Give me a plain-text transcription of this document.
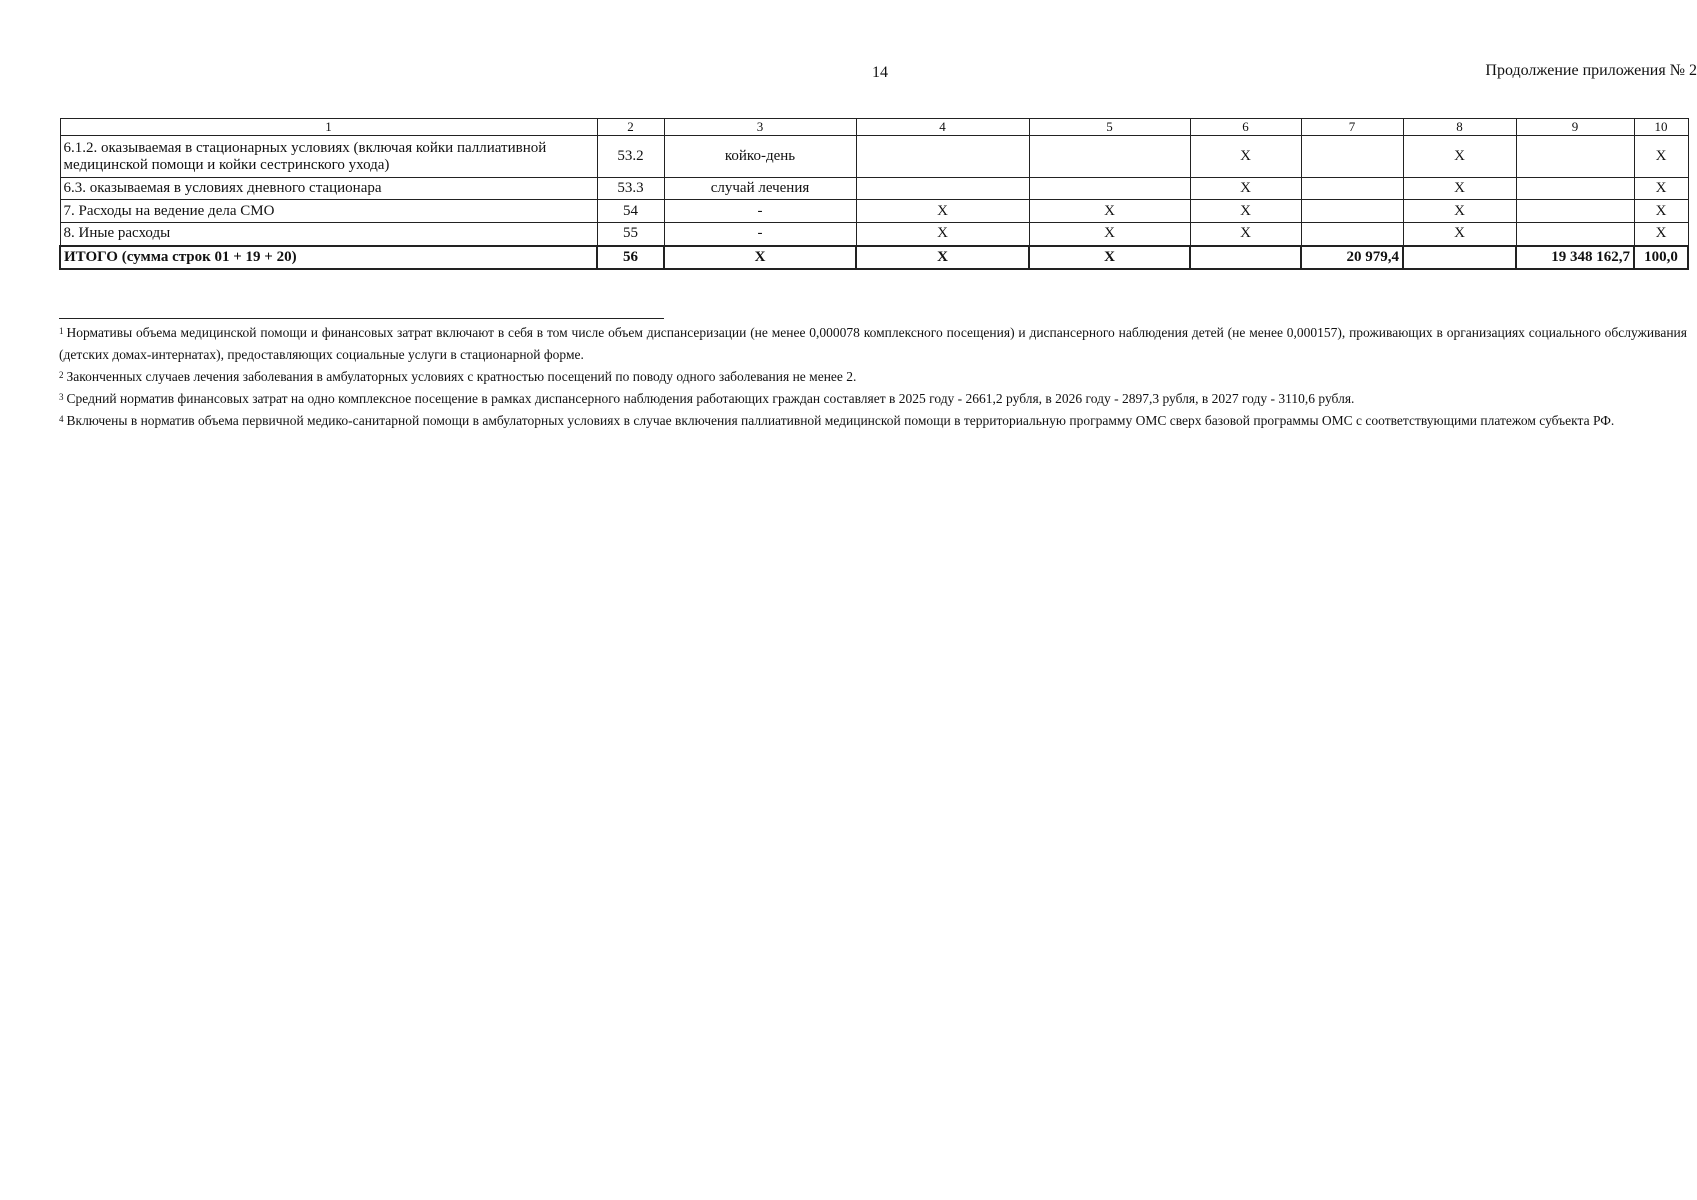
14	Продолжение приложения № 2
1	2	3	4	5	6	7	8	9	10
6.1.2. оказываемая в стационарных условиях (включая койки паллиативной медицинской помощи и койки сестринского ухода)	53.2	койко-день			X		X		X
6.3. оказываемая в условиях дневного стационара	53.3	случай лечения			X		X		X
7. Расходы на ведение дела СМО	54	-	X	X	X		X		X
8. Иные расходы	55	-	X	X	X		X		X
ИТОГО (сумма строк 01 + 19 + 20)	56	X	X	X		20 979,4		19 348 162,7	100,0

$^1$ Нормативы объема медицинской помощи и финансовых затрат включают в себя в том числе объем диспансеризации (не менее 0,000078 комплексного посещения) и диспансерного наблюдения детей (не менее 0,000157), проживающих в организациях социального обслуживания (детских домах-интернатах), предоставляющих социальные услуги в стационарной форме.

$^2$ Законченных случаев лечения заболевания в амбулаторных условиях с кратностью посещений по поводу одного заболевания не менее 2.

$^3$ Средний норматив финансовых затрат на одно комплексное посещение в рамках диспансерного наблюдения работающих граждан составляет в 2025 году - 2661,2 рубля, в 2026 году - 2897,3 рубля, в 2027 году - 3110,6 рубля.

$^4$ Включены в норматив объема первичной медико-санитарной помощи в амбулаторных условиях в случае включения паллиативной медицинской помощи в территориальную программу ОМС сверх базовой программы ОМС с соответствующими платежом субъекта РФ.
